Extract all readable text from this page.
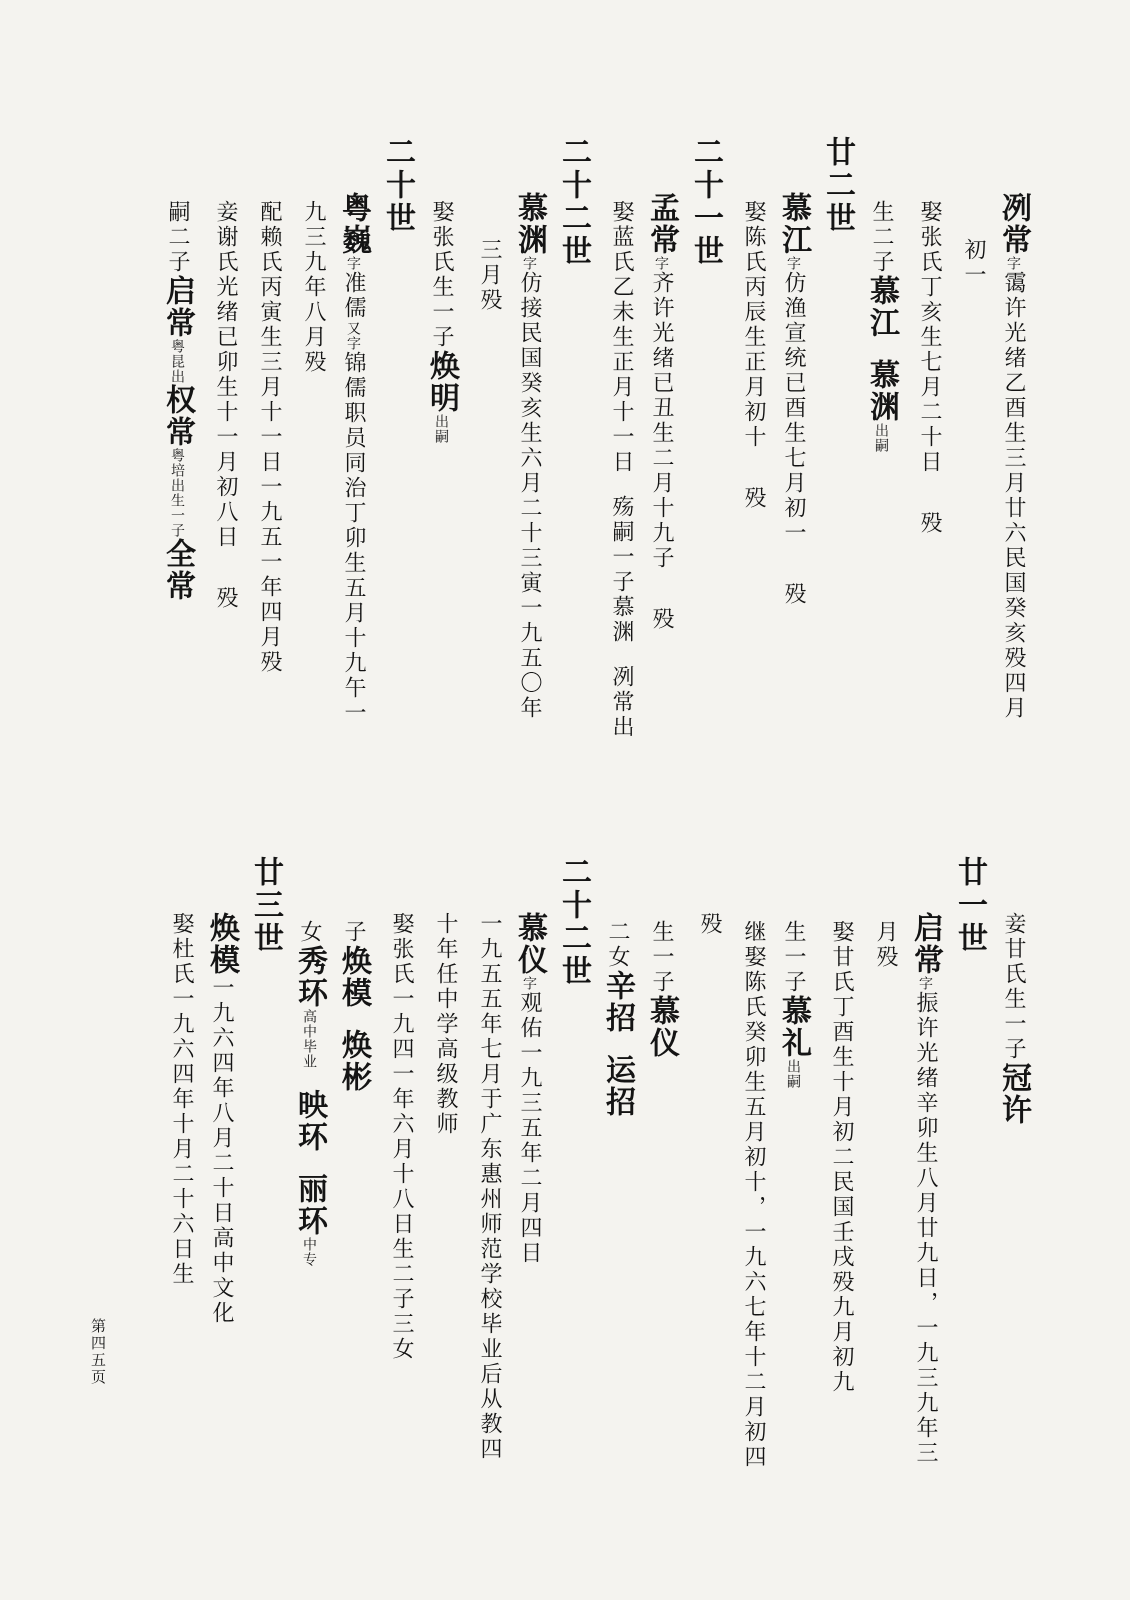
冽常字霭许光绪乙酉生三月廿六民国癸亥殁四月
初一
娶张氏丁亥生七月二十日殁
生二子慕江慕渊出嗣
廿二世
慕江字仿渔宣统已酉生七月初一殁
娶陈氏丙辰生正月初十殁
二十一世
孟常字齐许光绪已丑生二月十九子殁
娶蓝氏乙未生正月十一日殇嗣一子慕渊冽常出
二十二世
慕渊字仿接民国癸亥生六月二十三寅一九五〇年
三月殁
娶张氏生一子焕明出嗣
二十世
粤巍字准儒又字锦儒职员同治丁卯生五月十九午一
九三九年八月殁
配赖氏丙寅生三月十一日一九五一年四月殁
妾谢氏光绪已卯生十一月初八日殁
嗣二子启常粤昆出权常粤培出生一子全常
妾甘氏生一子冠许
廿一世
启常字振许光绪辛卯生八月廿九日，一九三九年三
月殁
娶甘氏丁酉生十月初二民国壬戌殁九月初九
生一子慕礼出嗣
继娶陈氏癸卯生五月初十，一九六七年十二月初四
殁
生一子慕仪
二女辛招运招
二十二世
慕仪字观佑一九三五年二月四日
一九五五年七月于广东惠州师范学校毕业后从教四
十年任中学高级教师
娶张氏一九四一年六月十八日生二子三女
子焕模焕彬
女秀环高中毕业映环丽环中专
廿三世
焕模一九六四年八月二十日高中文化
娶杜氏一九六四年十月二十六日生
第四五页
